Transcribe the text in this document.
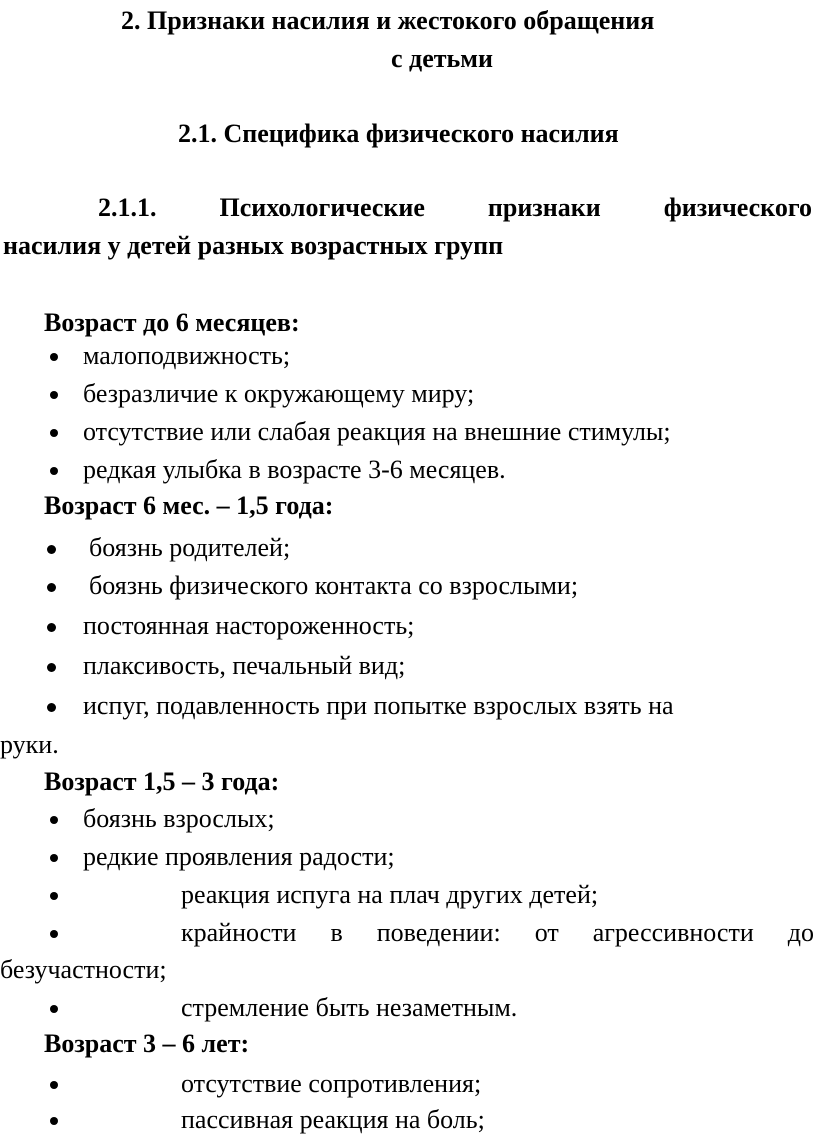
2. Признаки насилия и жестокого обращения
с детьми
2.1. Специфика физического насилия
2.1.1. Психологические признаки физического
насилия у детей разных возрастных групп
Возраст до 6 месяцев:
малоподвижность;
безразличие к окружающему миру;
отсутствие или слабая реакция на внешние стимулы;
редкая улыбка в возрасте 3-6 месяцев.
Возраст 6 мес. – 1,5 года:
боязнь родителей;
боязнь физического контакта со взрослыми;
постоянная настороженность;
плаксивость, печальный вид;
испуг, подавленность при попытке взрослых взять на
руки.
Возраст 1,5 – 3 года:
боязнь взрослых;
редкие проявления радости;
реакция испуга на плач других детей;
крайности в поведении: от агрессивности до
безучастности;
стремление быть незаметным.
Возраст 3 – 6 лет:
отсутствие сопротивления;
пассивная реакция на боль;
